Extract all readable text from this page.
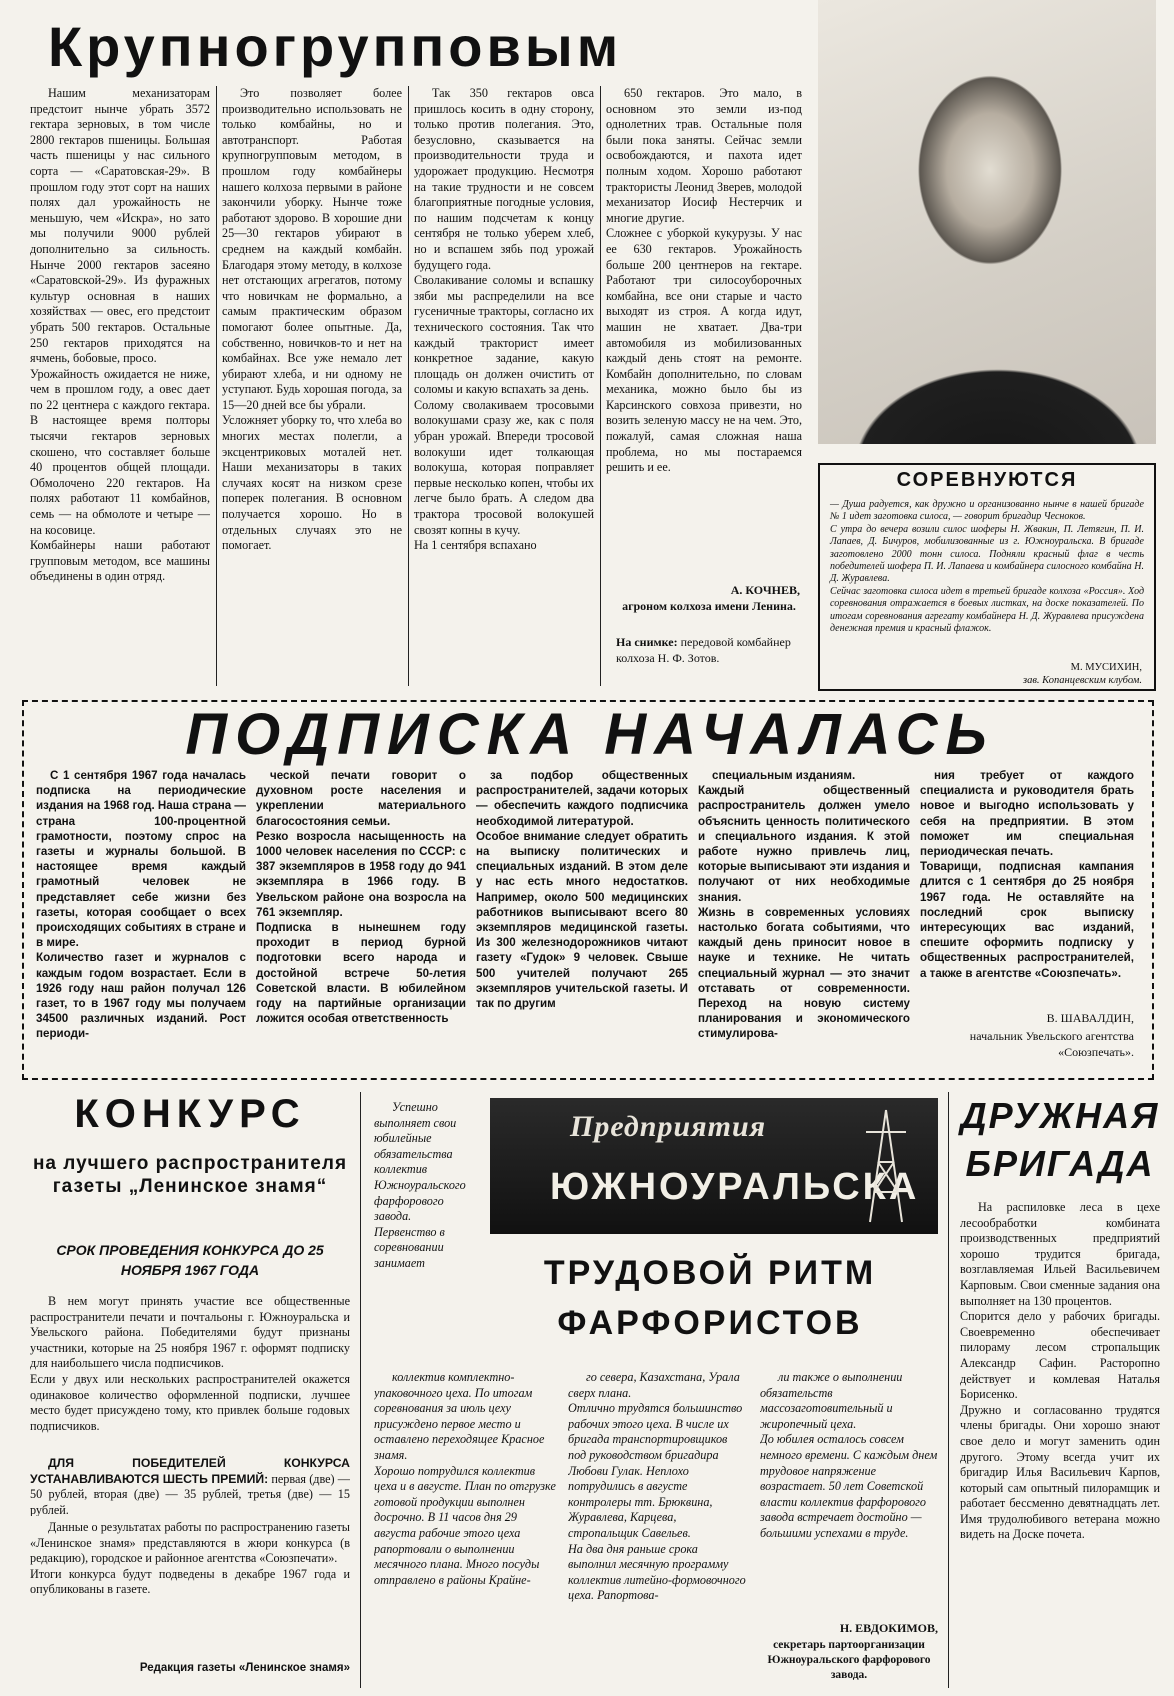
Крупногрупповым

Нашим механизаторам предстоит нынче убрать 3572 гектара зерновых, в том числе 2800 гектаров пшеницы. Большая часть пшеницы у нас сильного сорта — «Саратовская-29». В прошлом году этот сорт на наших полях дал урожайность не меньшую, чем «Искра», но зато мы получили 9000 рублей дополнительно за сильность. Нынче 2000 гектаров засеяно «Саратовской-29». Из фуражных культур основная в наших хозяйствах — овес, его предстоит убрать 500 гектаров. Остальные 250 гектаров приходятся на ячмень, бобовые, просо.
Урожайность ожидается не ниже, чем в прошлом году, а овес дает по 22 центнера с каждого гектара. В настоящее время полторы тысячи гектаров зерновых скошено, что составляет больше 40 процентов общей площади. Обмолочено 220 гектаров. На полях работают 11 комбайнов, семь — на обмолоте и четыре — на косовице.
Комбайнеры наши работают групповым методом, все машины объединены в один отряд.

Это позволяет более производительно использовать не только комбайны, но и автотранспорт. Работая крупногрупповым методом, в прошлом году комбайнеры нашего колхоза первыми в районе закончили уборку. Нынче тоже работают здорово. В хорошие дни 25—30 гектаров убирают в среднем на каждый комбайн. Благодаря этому методу, в колхозе нет отстающих агрегатов, потому что новичкам не формально, а самым практическим образом помогают более опытные. Да, собственно, новичков-то и нет на комбайнах. Все уже немало лет убирают хлеба, и ни одному не уступают. Будь хорошая погода, за 15—20 дней все бы убрали.
Усложняет уборку то, что хлеба во многих местах полегли, а эксцентриковых моталей нет. Наши механизаторы в таких случаях косят на низком срезе поперек полегания. В основном получается хорошо. Но в отдельных случаях это не помогает.

Так 350 гектаров овса пришлось косить в одну сторону, только против полегания. Это, безусловно, сказывается на производительности труда и удорожает продукцию. Несмотря на такие трудности и не совсем благоприятные погодные условия, по нашим подсчетам к концу сентября не только уберем хлеб, но и вспашем зябь под урожай будущего года.
Сволакивание соломы и вспашку зяби мы распределили на все гусеничные тракторы, согласно их технического состояния. Так что каждый тракторист имеет конкретное задание, какую площадь он должен очистить от соломы и какую вспахать за день.
Солому сволакиваем тросовыми волокушами сразу же, как с поля убран урожай. Впереди тросовой волокуши идет толкающая волокуша, которая поправляет первые несколько копен, чтобы их легче было брать. А следом два трактора тросовой волокушей свозят копны в кучу.
На 1 сентября вспахано

650 гектаров. Это мало, в основном это земли из-под однолетних трав. Остальные поля были пока заняты. Сейчас земли освобождаются, и пахота идет полным ходом. Хорошо работают трактористы Леонид Зверев, молодой механизатор Иосиф Нестерчик и многие другие.
Сложнее с уборкой кукурузы. У нас ее 630 гектаров. Урожайность больше 200 центнеров на гектаре. Работают три силосоуборочных комбайна, все они старые и часто выходят из строя. А когда идут, машин не хватает. Два-три автомобиля из мобилизованных каждый день стоят на ремонте. Комбайн дополнительно, по словам механика, можно было бы из Карсинского совхоза привезти, но возить зеленую массу не на чем. Это, пожалуй, самая сложная наша проблема, но мы постараемся решить и ее.

А. КОЧНЕВ,
агроном колхоза имени Ленина.
На снимке: передовой комбайнер колхоза Н. Ф. Зотов.
СОРЕВНУЮТСЯ
— Душа радуется, как дружно и организованно нынче в нашей бригаде № 1 идет заготовка силоса, — говорит бригадир Чесноков.
С утра до вечера возили силос шоферы Н. Жвакин, П. Летягин, П. И. Лапаев, Д. Бичуров, мобилизованные из г. Южноуральска. В бригаде заготовлено 2000 тонн силоса. Подняли красный флаг в честь победителей шофера П. И. Лапаева и комбайнера силосного комбайна Н. Д. Журавлева.
Сейчас заготовка силоса идет в третьей бригаде колхоза «Россия». Ход соревнования отражается в боевых листках, на доске показателей. По итогам соревнования агрегату комбайнера Н. Д. Журавлева присуждена денежная премия и красный флажок.
М. МУСИХИН,
зав. Копанцевским клубом.
ПОДПИСКА НАЧАЛАСЬ

С 1 сентября 1967 года началась подписка на периодические издания на 1968 год. Наша страна — страна 100-процентной грамотности, поэтому спрос на газеты и журналы большой. В настоящее время каждый грамотный человек не представляет себе жизни без газеты, которая сообщает о всех происходящих событиях в стране и в мире.
Количество газет и журналов с каждым годом возрастает. Если в 1926 году наш район получал 126 газет, то в 1967 году мы получаем 34500 различных изданий. Рост периоди-

ческой печати говорит о духовном росте населения и укреплении материального благосостояния семьи.
Резко возросла насыщенность на 1000 человек населения по СССР: с 387 экземпляров в 1958 году до 941 экземпляра в 1966 году. В Увельском районе она возросла на 761 экземпляр.
Подписка в нынешнем году проходит в период бурной подготовки всего народа и достойной встрече 50-летия Советской власти. В юбилейном году на партийные организации ложится особая ответственность

за подбор общественных распространителей, задачи которых — обеспечить каждого подписчика необходимой литературой.
Особое внимание следует обратить на выписку политических и специальных изданий. В этом деле у нас есть много недостатков. Например, около 500 медицинских работников выписывают всего 80 экземпляров медицинской газеты. Из 300 железнодорожников читают газету «Гудок» 9 человек. Свыше 500 учителей получают 265 экземпляров учительской газеты. И так по другим

специальным изданиям.
Каждый общественный распространитель должен умело объяснить ценность политического и специального издания. К этой работе нужно привлечь лиц, которые выписывают эти издания и получают от них необходимые знания.
Жизнь в современных условиях настолько богата событиями, что каждый день приносит новое в науке и технике. Не читать специальный журнал — это значит отставать от современности. Переход на новую систему планирования и экономического стимулирова-

ния требует от каждого специалиста и руководителя брать новое и выгодно использовать у себя на предприятии. В этом поможет им специальная периодическая печать.
Товарищи, подписная кампания длится с 1 сентября до 25 ноября 1967 года. Не оставляйте на последний срок выписку интересующих вас изданий, спешите оформить подписку у общественных распространителей, а также в агентстве «Союзпечать».

В. ШАВАЛДИН,
начальник Увельского агентства «Союзпечать».
КОНКУРС
на лучшего распространителя газеты „Ленинское знамя“
СРОК ПРОВЕДЕНИЯ КОНКУРСА ДО 25 НОЯБРЯ 1967 ГОДА

В нем могут принять участие все общественные распространители печати и почтальоны г. Южноуральска и Увельского района. Победителями будут признаны участники, которые на 25 ноября 1967 г. оформят подписку для наибольшего числа подписчиков.
Если у двух или нескольких распространителей окажется одинаковое количество оформленной подписки, лучшее место будет присуждено тому, кто привлек больше годовых подписчиков.

ДЛЯ ПОБЕДИТЕЛЕЙ КОНКУРСА УСТАНАВЛИВАЮТСЯ ШЕСТЬ ПРЕМИЙ: первая (две) — 50 рублей, вторая (две) — 35 рублей, третья (две) — 15 рублей.

Данные о результатах работы по распространению газеты «Ленинское знамя» представляются в жюри конкурса (в редакцию), городское и районное агентства «Союзпечати».
Итоги конкурса будут подведены в декабре 1967 года и опубликованы в газете.

Редакция газеты «Ленинское знамя»

Успешно выполняет свои юбилейные обязательства коллектив Южноуральского фарфорового завода. Первенство в соревновании занимает

Предприятия
ЮЖНОУРАЛЬСКА
ТРУДОВОЙ РИТМ ФАРФОРИСТОВ

коллектив комплектно-упаковочного цеха. По итогам соревнования за июль цеху присуждено первое место и оставлено переходящее Красное знамя.
Хорошо потрудился коллектив цеха и в августе. План по отгрузке готовой продукции выполнен досрочно. В 11 часов дня 29 августа рабочие этого цеха рапортовали о выполнении месячного плана. Много посуды отправлено в районы Крайне-

го севера, Казахстана, Урала сверх плана.
Отлично трудятся большинство рабочих этого цеха. В числе их бригада транспортировщиков под руководством бригадира Любови Гулак. Неплохо потрудились в августе контролеры тт. Брюквина, Журавлева, Карцева, стропальщик Савельев.
На два дня раньше срока выполнил месячную программу коллектив литейно-формовочного цеха. Рапортова-

ли также о выполнении обязательств массозаготовительный и жиропечный цеха.
До юбилея осталось совсем немного времени. С каждым днем трудовое напряжение возрастает. 50 лет Советской власти коллектив фарфорового завода встречает достойно — большими успехами в труде.

Н. ЕВДОКИМОВ,
секретарь партоорганизации Южноуральского фарфорового завода.
ДРУЖНАЯ БРИГАДА

На распиловке леса в цехе лесообработки комбината производственных предприятий хорошо трудится бригада, возглавляемая Ильей Васильевичем Карповым. Свои сменные задания она выполняет на 130 процентов.
Спорится дело у рабочих бригады. Своевременно обеспечивает пилораму лесом стропальщик Александр Сафин. Расторопно действует и комлевая Наталья Борисенко.
Дружно и согласованно трудятся члены бригады. Они хорошо знают свое дело и могут заменить один другого. Этому всегда учит их бригадир Илья Васильевич Карпов, который сам опытный пилорамщик и работает бессменно девятнадцать лет. Имя трудолюбивого ветерана можно видеть на Доске почета.
